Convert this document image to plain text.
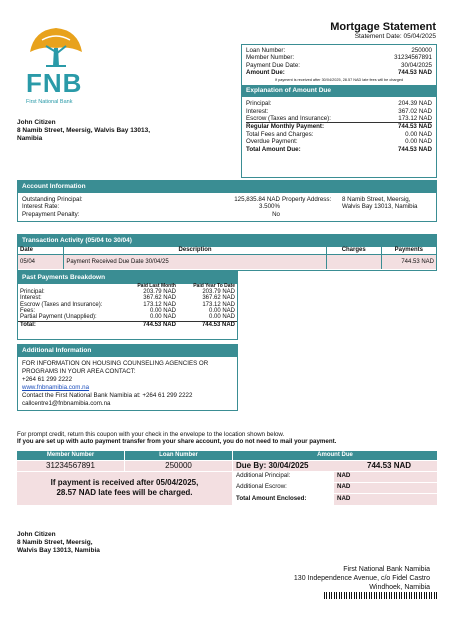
FNB
First National Bank
Mortgage Statement
Statement Date: 05/04/2025
Loan Number:	250000
Member Number:	31234567891
Payment Due Date:	30/04/2025
Amount Due:	744.53 NAD
If payment is received after 30/04/2025, 28.57 NAD late fees will be charged
Explanation of Amount Due
Principal:	204.39 NAD
Interest:	367.02 NAD
Escrow (Taxes and Insurance):	173.12 NAD
Regular Monthly Payment:	744.53 NAD
Total Fees and Charges:	0.00 NAD
Overdue Payment:	0.00 NAD
Total Amount Due:	744.53 NAD
John Citizen
8 Namib Street, Meersig, Walvis Bay 13013,
Namibia
Account Information
Outstanding Principal:	125,835.84 NAD
Interest Rate:	3.500%
Prepayment Penalty:	No
Property Address: 8 Namib Street, Meersig,
Walvis Bay 13013, Namibia
Transaction Activity (05/04 to 30/04)
Date	Description	Charges	Payments
05/04	Payment Received Due Date 30/04/25		744.53 NAD
Past Payments Breakdown
	Paid Last Month	Paid Year To Date
Principal:	203.79 NAD	203.79 NAD
Interest:	367.62 NAD	367.62 NAD
Escrow (Taxes and Insurance):	173.12 NAD	173.12 NAD
Fees:	0.00 NAD	0.00 NAD
Partial Payment (Unapplied):	0.00 NAD	0.00 NAD
Total:	744.53 NAD	744.53 NAD
Additional Information
FOR INFORMATION ON HOUSING COUNSELING AGENCIES OR
PROGRAMS IN YOUR AREA CONTACT:
+264 61 299 2222
www.fnbnamibia.com.na
Contact the First National Bank Namibia at: +264 61 299 2222
callcentre1@fnbnamibia.com.na
For prompt credit, return this coupon with your check in the envelope to the location shown below.
If you are set up with auto payment transfer from your share account, you do not need to mail your payment.
Member Number	Loan Number	Amount Due
31234567891	250000	Due By: 30/04/2025	744.53 NAD
If payment is received after 05/04/2025,
28.57 NAD late fees will be charged.
Additional Principal:	NAD
Additional Escrow:	NAD
Total Amount Enclosed:	NAD
John Citizen
8 Namib Street, Meersig,
Walvis Bay 13013, Namibia
First National Bank Namibia
130 Independence Avenue, c/o Fidel Castro
Windhoek, Namibia
